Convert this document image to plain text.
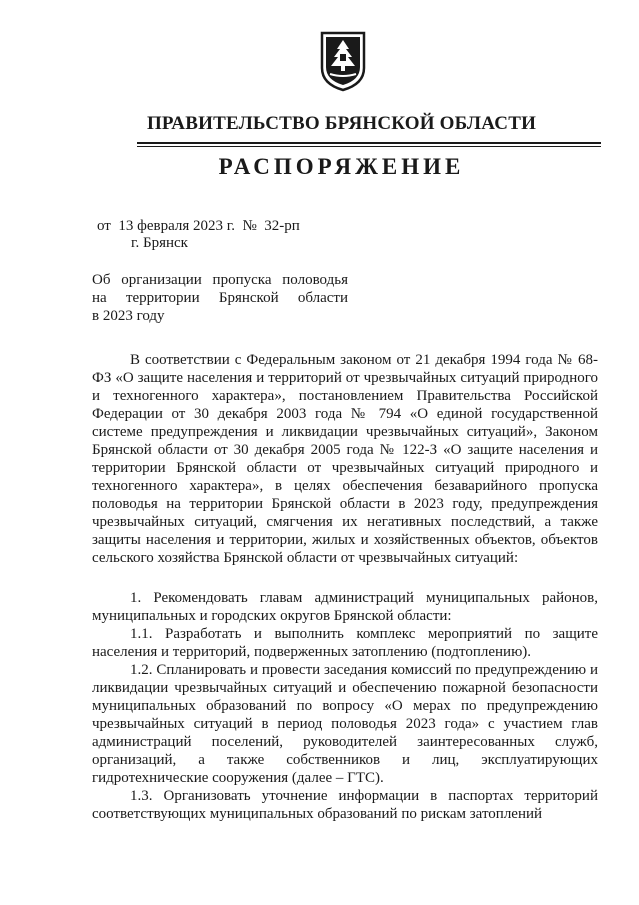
ПРАВИТЕЛЬСТВО БРЯНСКОЙ ОБЛАСТИ
РАСПОРЯЖЕНИЕ
от  13 февраля 2023 г.  №  32-рп
г. Брянск
Об организации пропуска половодья
на территории Брянской области
в 2023 году

В соответствии с Федеральным законом от 21 декабря 1994 года № 68-ФЗ «О защите населения и территорий от чрезвычайных ситуаций природного и техногенного характера», постановлением Правительства Российской Федерации от 30 декабря 2003 года № 794 «О единой государственной системе предупреждения и ликвидации чрезвычайных ситуаций», Законом Брянской области от 30 декабря 2005 года № 122-З «О защите населения и территории Брянской области от чрезвычайных ситуаций природного и техногенного характера», в целях обеспечения безаварийного пропуска половодья на территории Брянской области в 2023 году, предупреждения чрезвычайных ситуаций, смягчения их негативных последствий, а также защиты населения и территории, жилых и хозяйственных объектов, объектов сельского хозяйства Брянской области от чрезвычайных ситуаций:

1. Рекомендовать главам администраций муниципальных районов, муниципальных и городских округов Брянской области:

1.1. Разработать и выполнить комплекс мероприятий по защите населения и территорий, подверженных затоплению (подтоплению).

1.2. Спланировать и провести заседания комиссий по предупреждению и ликвидации чрезвычайных ситуаций и обеспечению пожарной безопасности муниципальных образований по вопросу «О мерах по предупреждению чрезвычайных ситуаций в период половодья 2023 года» с участием глав администраций поселений, руководителей заинтересованных служб, организаций, а также собственников и лиц, эксплуатирующих гидротехнические сооружения (далее – ГТС).

1.3. Организовать уточнение информации в паспортах территорий соответствующих муниципальных образований по рискам затоплений
